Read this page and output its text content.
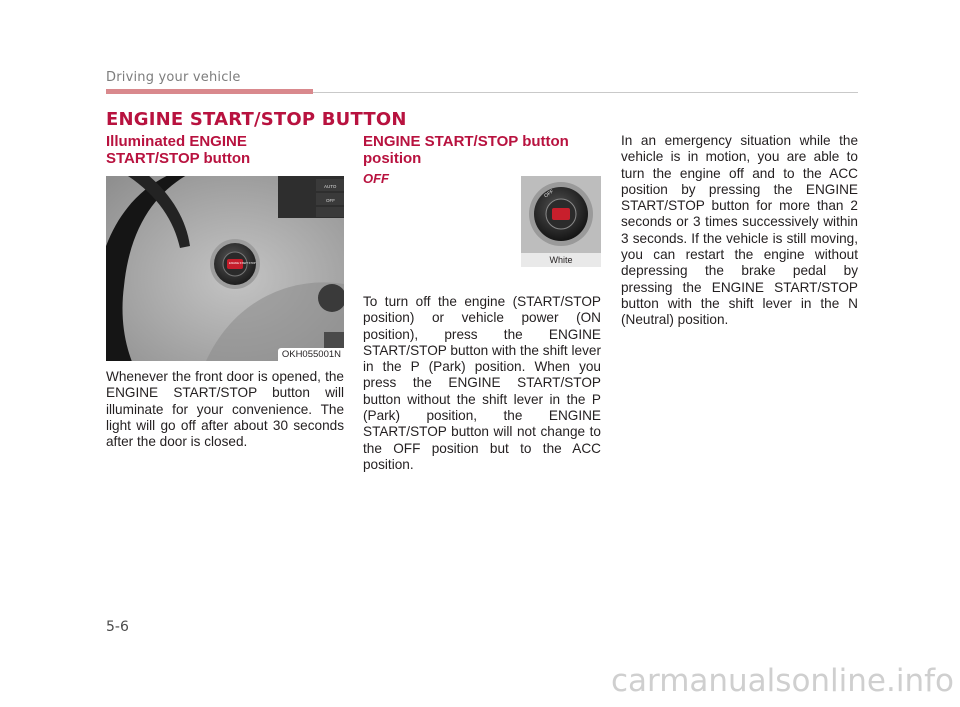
Driving your vehicle
ENGINE START/STOP BUTTON
Illuminated ENGINE START/STOP button
AUTO
OFF
ENGINE START STOP
OKH055001N
Whenever the front door is opened, the ENGINE START/STOP button will illuminate for your convenience. The light will go off after about 30 seconds after the door is closed.
ENGINE START/STOP button position
OFF
OFF
White
To turn off the engine (START/STOP position) or vehicle power (ON position), press the ENGINE START/STOP button with the shift lever in the P (Park) position. When you press the ENGINE START/STOP button without the shift lever in the P (Park) position, the ENGINE START/STOP button will not change to the OFF position but to the ACC position.
In an emergency situation while the vehicle is in motion, you are able to turn the engine off and to the ACC position by pressing the ENGINE START/STOP button for more than 2 seconds or 3 times successively within 3 seconds. If the vehicle is still moving, you can restart the engine without depressing the brake pedal by pressing the ENGINE START/STOP button with the shift lever in the N (Neutral) position.
5-6
carmanualsonline.info
